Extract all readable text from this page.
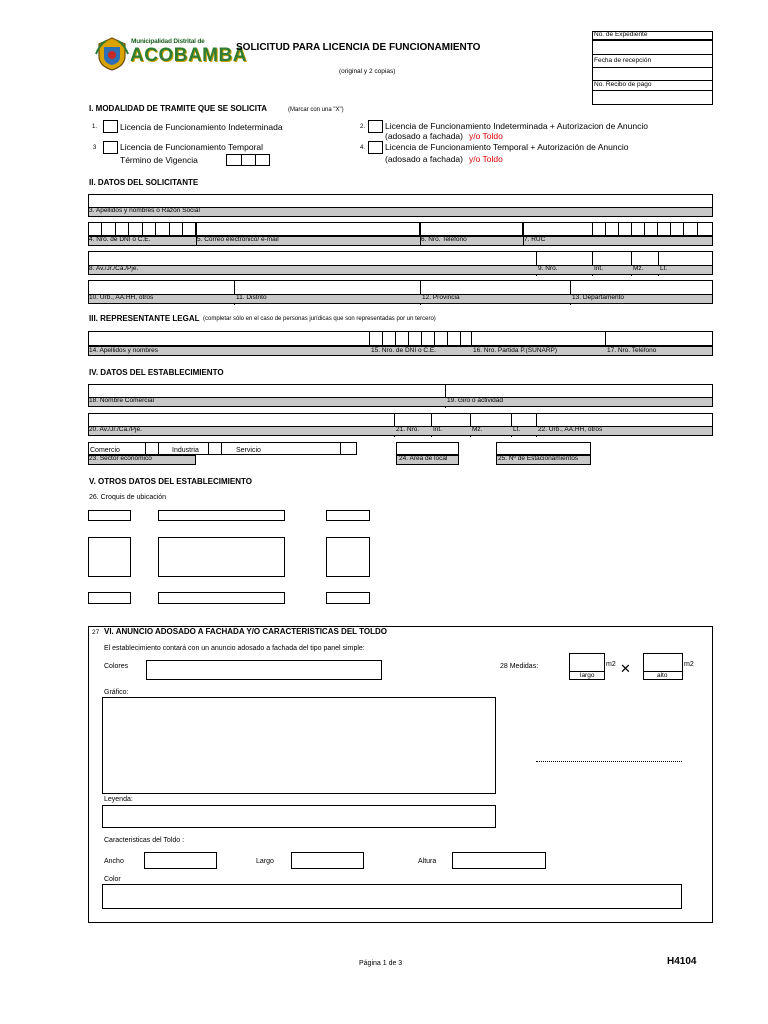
Municipalidad Distrital de
ACOBAMBA
SOLICITUD PARA LICENCIA DE FUNCIONAMIENTO
(original y 2 copias)
No. de Expediente
Fecha de recepción
No. Recibo de pago
I. MODALIDAD DE TRAMITE QUE SE SOLICITA	(Marcar con una "X")
1.	Licencia de Funcionamiento Indeterminada	2. Licencia de Funcionamiento Indeterminada + Autorizacion de Anuncio
(adosado a fachada) y/o Toldo
3	Licencia de Funcionamiento Temporal
Término de Vigencia
4. Licencia de Funcionamiento Temporal + Autorización de Anuncio
(adosado a fachada) y/o Toldo
II. DATOS DEL SOLICITANTE
3. Apellidos y nombres o Razón Social
4. Nro. de DNI o C.E.	5. Correo electronico/ e-mail	6. Nro. Teléfono	7. RUC
8. Av./Jr./Ca./Pje.	9. Nro.	Int.	Mz.	Lt.
10. Urb., AA.HH, otros	11. Distrito	12. Provincia	13. Departamento
III. REPRESENTANTE LEGAL (completar sólo en el caso de personas jurídicas que son representadas por un tercero)
14. Apellidos y nombres	15. Nro. de DNI o C.E.	16. Nro. Partida P.(SUNARP)	17. Nro. Teléfono
IV. DATOS DEL ESTABLECIMIENTO
18. Nombre Comercial	19. Giro o actividad
20. Av./Jr./Ca./Pje.	21. Nro. Int.	Mz.	Lt.	22. Urb., AA.HH, otros
Comercio	Industria	Servicio
23. Sector económico	24. Area de local	25. Nº de Estacionamientos
V. OTROS DATOS DEL ESTABLECIMIENTO
26. Croquis de ubicación
27 VI. ANUNCIO ADOSADO A FACHADA Y/O CARACTERISTICAS DEL TOLDO
El establecimiento contará con un anuncio adosado a fachada del tipo panel simple:
Colores	28 Medidas:
largo
m2 ✕	alto
m2
Gráfico:
Leyenda:
Caracteristicas del Toldo :
Ancho	Largo	Altura
Color
Página 1 de 3	H4104
